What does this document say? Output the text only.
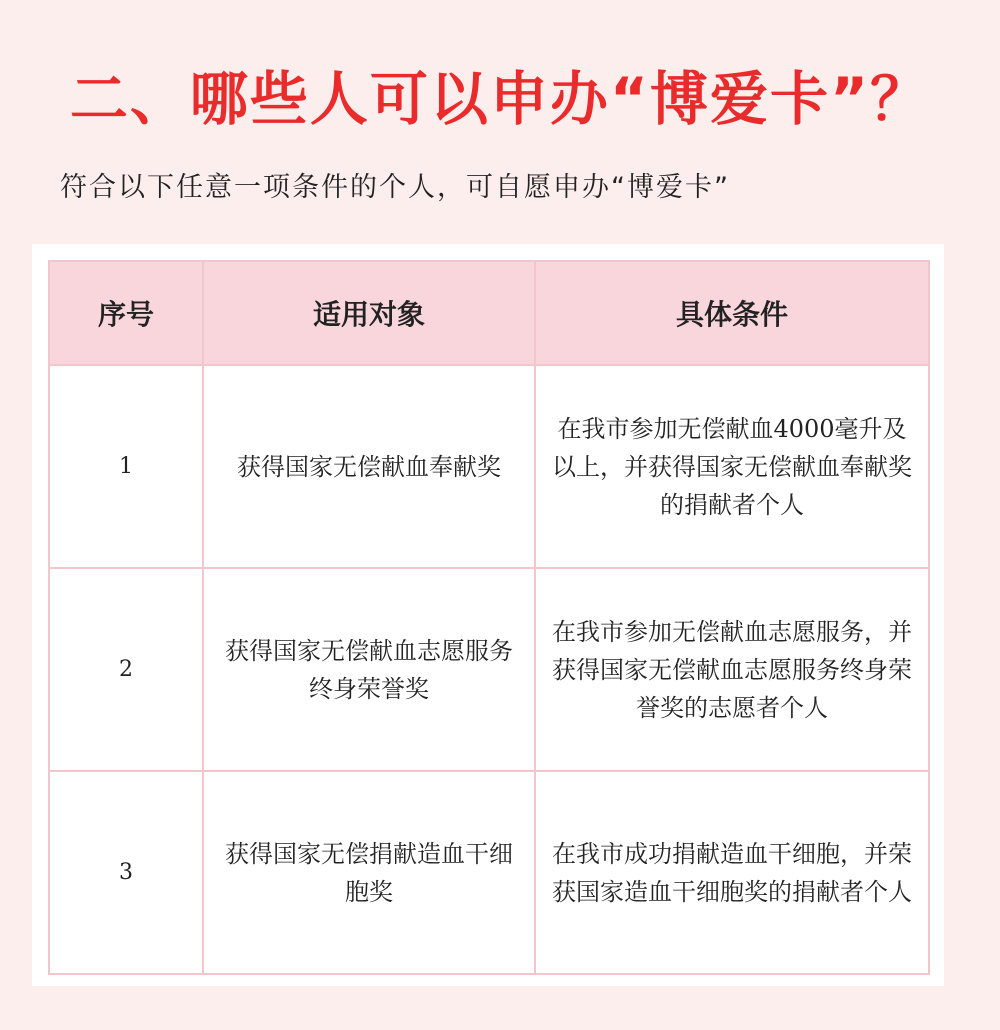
二、哪些人可以申办“博爱卡”？
符合以下任意一项条件的个人，可自愿申办“博爱卡”
序号	适用对象	具体条件
1	获得国家无偿献血奉献奖	在我市参加无偿献血4000毫升及以上，并获得国家无偿献血奉献奖的捐献者个人
2	获得国家无偿献血志愿服务终身荣誉奖	在我市参加无偿献血志愿服务，并获得国家无偿献血志愿服务终身荣誉奖的志愿者个人
3	获得国家无偿捐献造血干细胞奖	在我市成功捐献造血干细胞，并荣获国家造血干细胞奖的捐献者个人
